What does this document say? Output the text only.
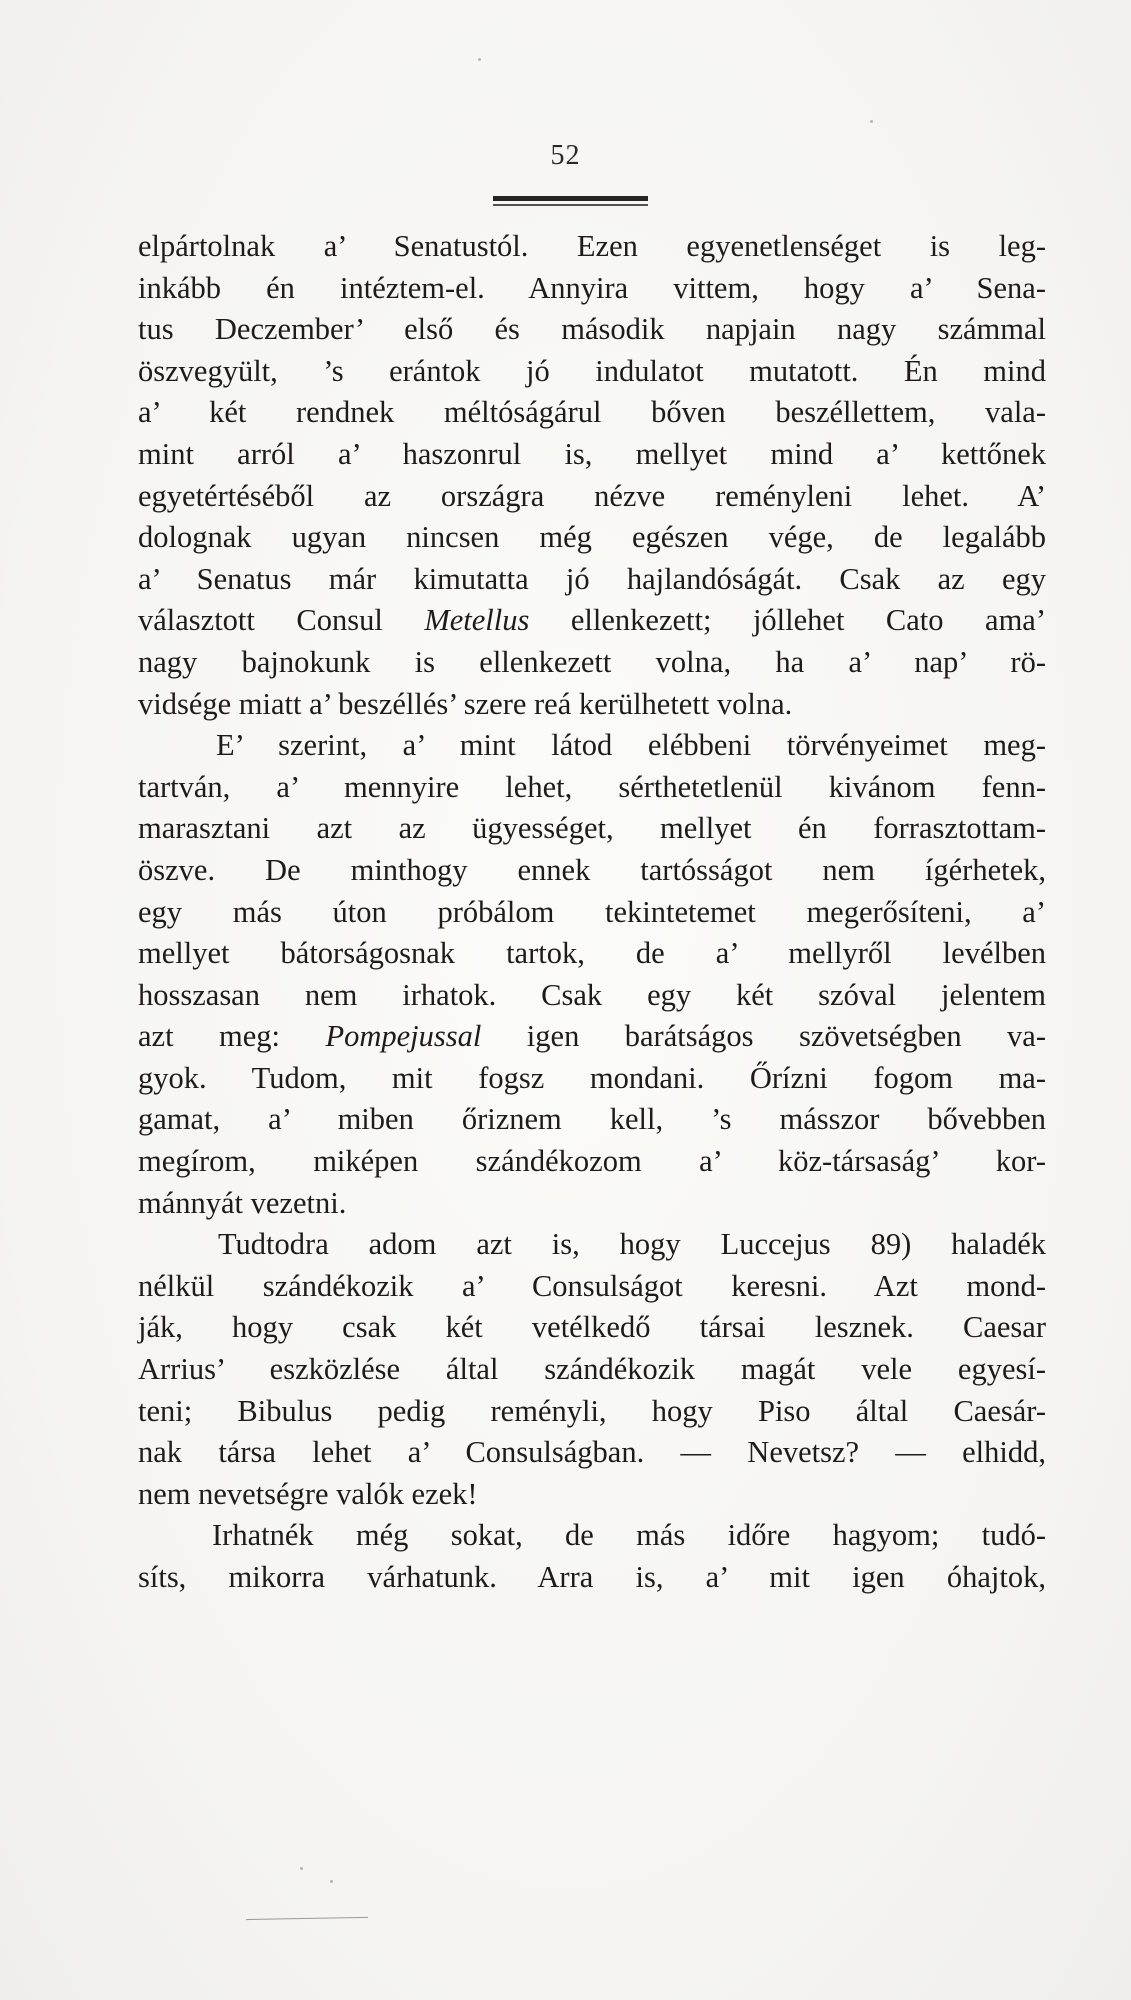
52
elpártolnak a’ Senatustól. Ezen egyenetlenséget is leg-
inkább én intéztem-el. Annyira vittem, hogy a’ Sena-
tus Deczember’ első és második napjain nagy számmal
öszvegyült, ’s erántok jó indulatot mutatott. Én mind
a’ két rendnek méltóságárul bőven beszéllettem, vala-
mint arról a’ haszonrul is, mellyet mind a’ kettőnek
egyetértéséből az országra nézve reményleni lehet. A’
dolognak ugyan nincsen még egészen vége, de legalább
a’ Senatus már kimutatta jó hajlandóságát. Csak az egy
választott Consul Metellus ellenkezett; jóllehet Cato ama’
nagy bajnokunk is ellenkezett volna, ha a’ nap’ rö-
vidsége miatt a’ beszéllés’ szere reá kerülhetett volna.
E’ szerint, a’ mint látod elébbeni törvényeimet meg-
tartván, a’ mennyire lehet, sérthetetlenül kivánom fenn-
marasztani azt az ügyességet, mellyet én forrasztottam-
öszve. De minthogy ennek tartósságot nem ígérhetek,
egy más úton próbálom tekintetemet megerősíteni, a’
mellyet bátorságosnak tartok, de a’ mellyről levélben
hosszasan nem irhatok. Csak egy két szóval jelentem
azt meg: Pompejussal igen barátságos szövetségben va-
gyok. Tudom, mit fogsz mondani. Őrízni fogom ma-
gamat, a’ miben őriznem kell, ’s másszor bővebben
megírom, miképen szándékozom a’ köz-társaság’ kor-
mánnyát vezetni.
Tudtodra adom azt is, hogy Luccejus 89) haladék
nélkül szándékozik a’ Consulságot keresni. Azt mond-
ják, hogy csak két vetélkedő társai lesznek. Caesar
Arrius’ eszközlése által szándékozik magát vele egyesí-
teni; Bibulus pedig reményli, hogy Piso által Caesár-
nak társa lehet a’ Consulságban. — Nevetsz? — elhidd,
nem nevetségre valók ezek!
Irhatnék még sokat, de más időre hagyom; tudó-
síts, mikorra várhatunk. Arra is, a’ mit igen óhajtok,
